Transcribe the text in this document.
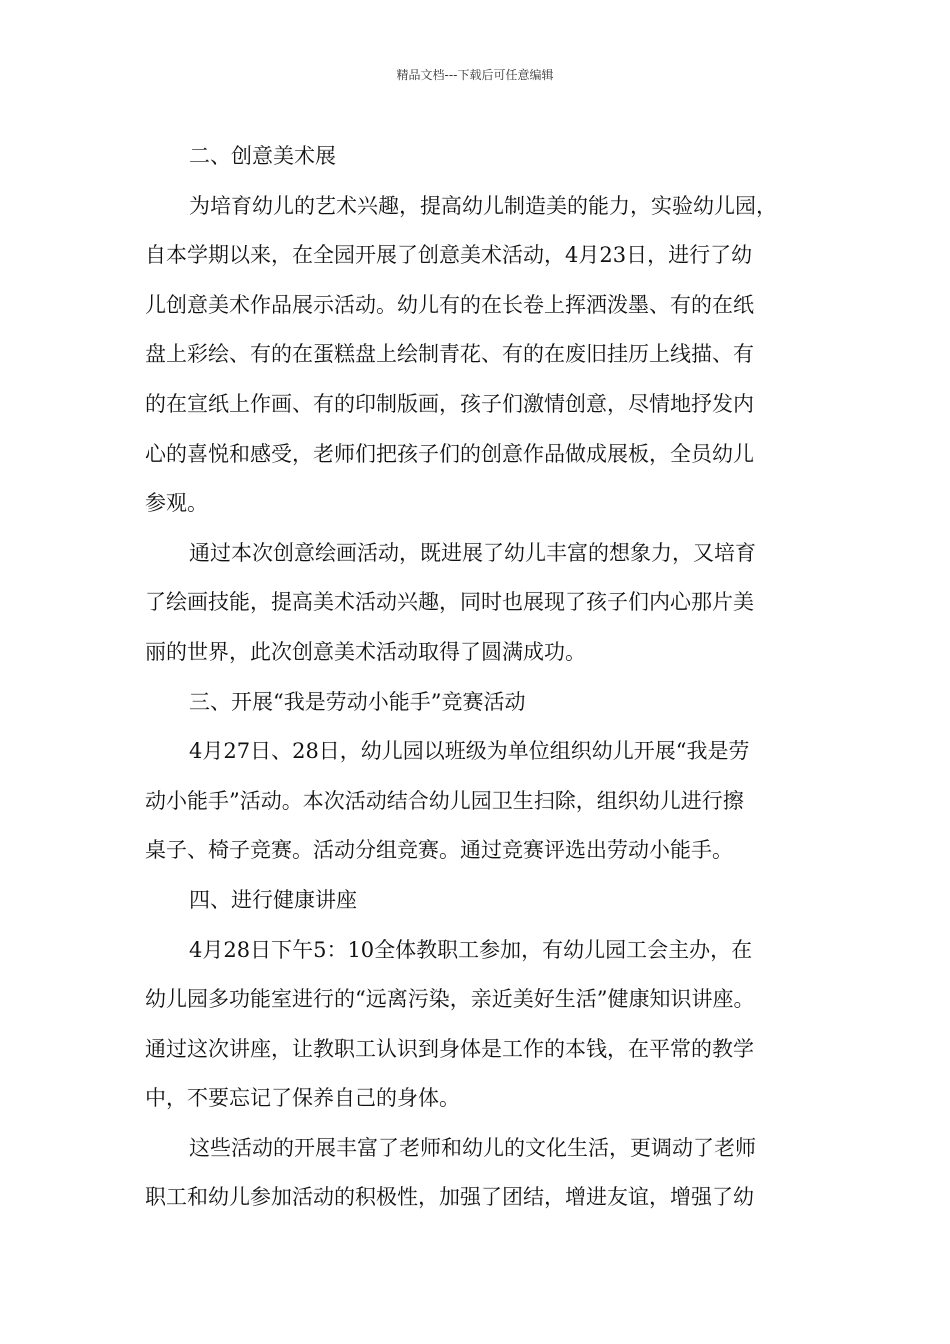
精品文档---下载后可任意编辑
二、创意美术展
为培育幼儿的艺术兴趣，提高幼儿制造美的能力，实验幼儿园，
自本学期以来，在全园开展了创意美术活动，4月23日，进行了幼
儿创意美术作品展示活动。幼儿有的在长卷上挥洒泼墨、有的在纸
盘上彩绘、有的在蛋糕盘上绘制青花、有的在废旧挂历上线描、有
的在宣纸上作画、有的印制版画，孩子们激情创意，尽情地抒发内
心的喜悦和感受，老师们把孩子们的创意作品做成展板，全员幼儿
参观。
通过本次创意绘画活动，既进展了幼儿丰富的想象力，又培育
了绘画技能，提高美术活动兴趣，同时也展现了孩子们内心那片美
丽的世界，此次创意美术活动取得了圆满成功。
三、开展“我是劳动小能手”竞赛活动
4月27日、28日，幼儿园以班级为单位组织幼儿开展“我是劳
动小能手”活动。本次活动结合幼儿园卫生扫除，组织幼儿进行擦
桌子、椅子竞赛。活动分组竞赛。通过竞赛评选出劳动小能手。
四、进行健康讲座
4月28日下午5：10全体教职工参加，有幼儿园工会主办，在
幼儿园多功能室进行的“远离污染，亲近美好生活”健康知识讲座。
通过这次讲座，让教职工认识到身体是工作的本钱，在平常的教学
中，不要忘记了保养自己的身体。
这些活动的开展丰富了老师和幼儿的文化生活，更调动了老师
职工和幼儿参加活动的积极性，加强了团结，增进友谊，增强了幼
